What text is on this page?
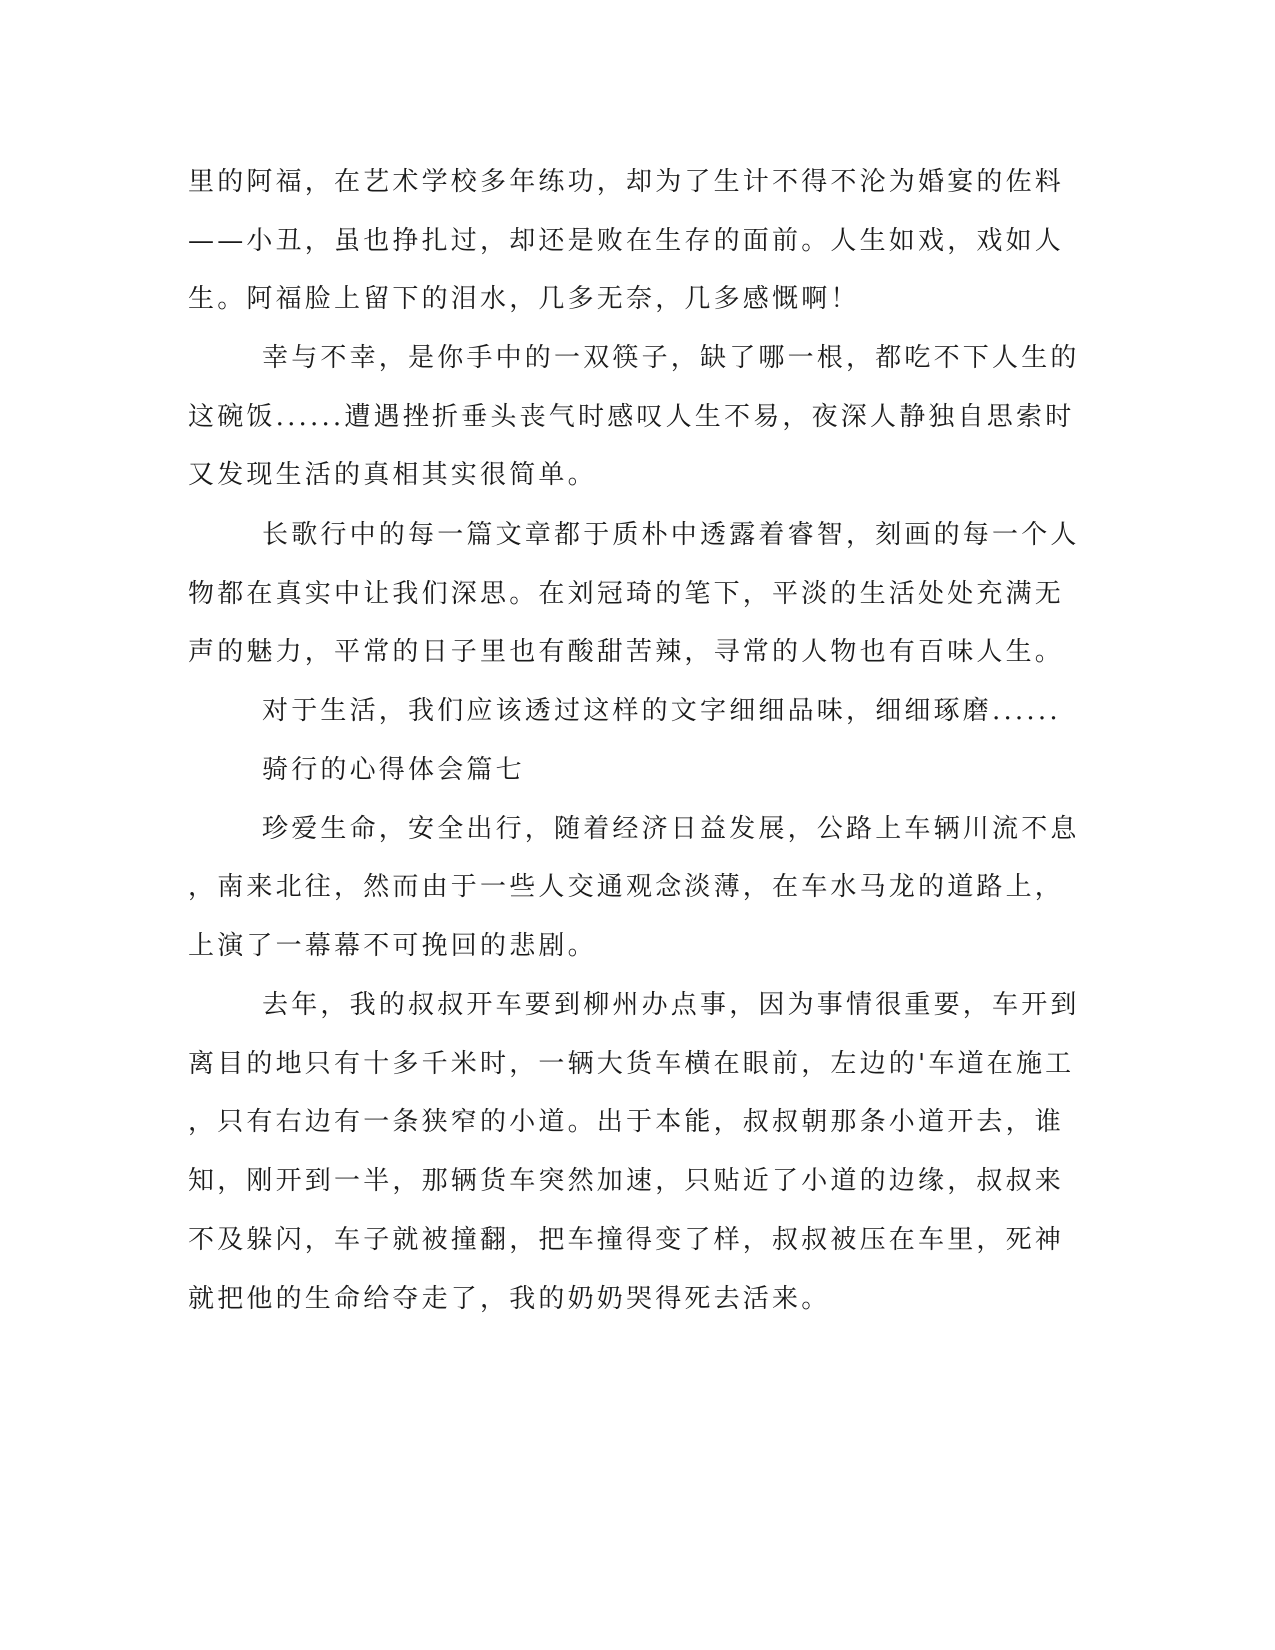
里的阿福，在艺术学校多年练功，却为了生计不得不沦为婚宴的佐料
——小丑，虽也挣扎过，却还是败在生存的面前。人生如戏，戏如人
生。阿福脸上留下的泪水，几多无奈，几多感慨啊！
幸与不幸，是你手中的一双筷子，缺了哪一根，都吃不下人生的
这碗饭......遭遇挫折垂头丧气时感叹人生不易，夜深人静独自思索时
又发现生活的真相其实很简单。
长歌行中的每一篇文章都于质朴中透露着睿智，刻画的每一个人
物都在真实中让我们深思。在刘冠琦的笔下，平淡的生活处处充满无
声的魅力，平常的日子里也有酸甜苦辣，寻常的人物也有百味人生。
对于生活，我们应该透过这样的文字细细品味，细细琢磨......
骑行的心得体会篇七
珍爱生命，安全出行，随着经济日益发展，公路上车辆川流不息
，南来北往，然而由于一些人交通观念淡薄，在车水马龙的道路上，
上演了一幕幕不可挽回的悲剧。
去年，我的叔叔开车要到柳州办点事，因为事情很重要，车开到
离目的地只有十多千米时，一辆大货车横在眼前，左边的'车道在施工
，只有右边有一条狭窄的小道。出于本能，叔叔朝那条小道开去，谁
知，刚开到一半，那辆货车突然加速，只贴近了小道的边缘，叔叔来
不及躲闪，车子就被撞翻，把车撞得变了样，叔叔被压在车里，死神
就把他的生命给夺走了，我的奶奶哭得死去活来。
